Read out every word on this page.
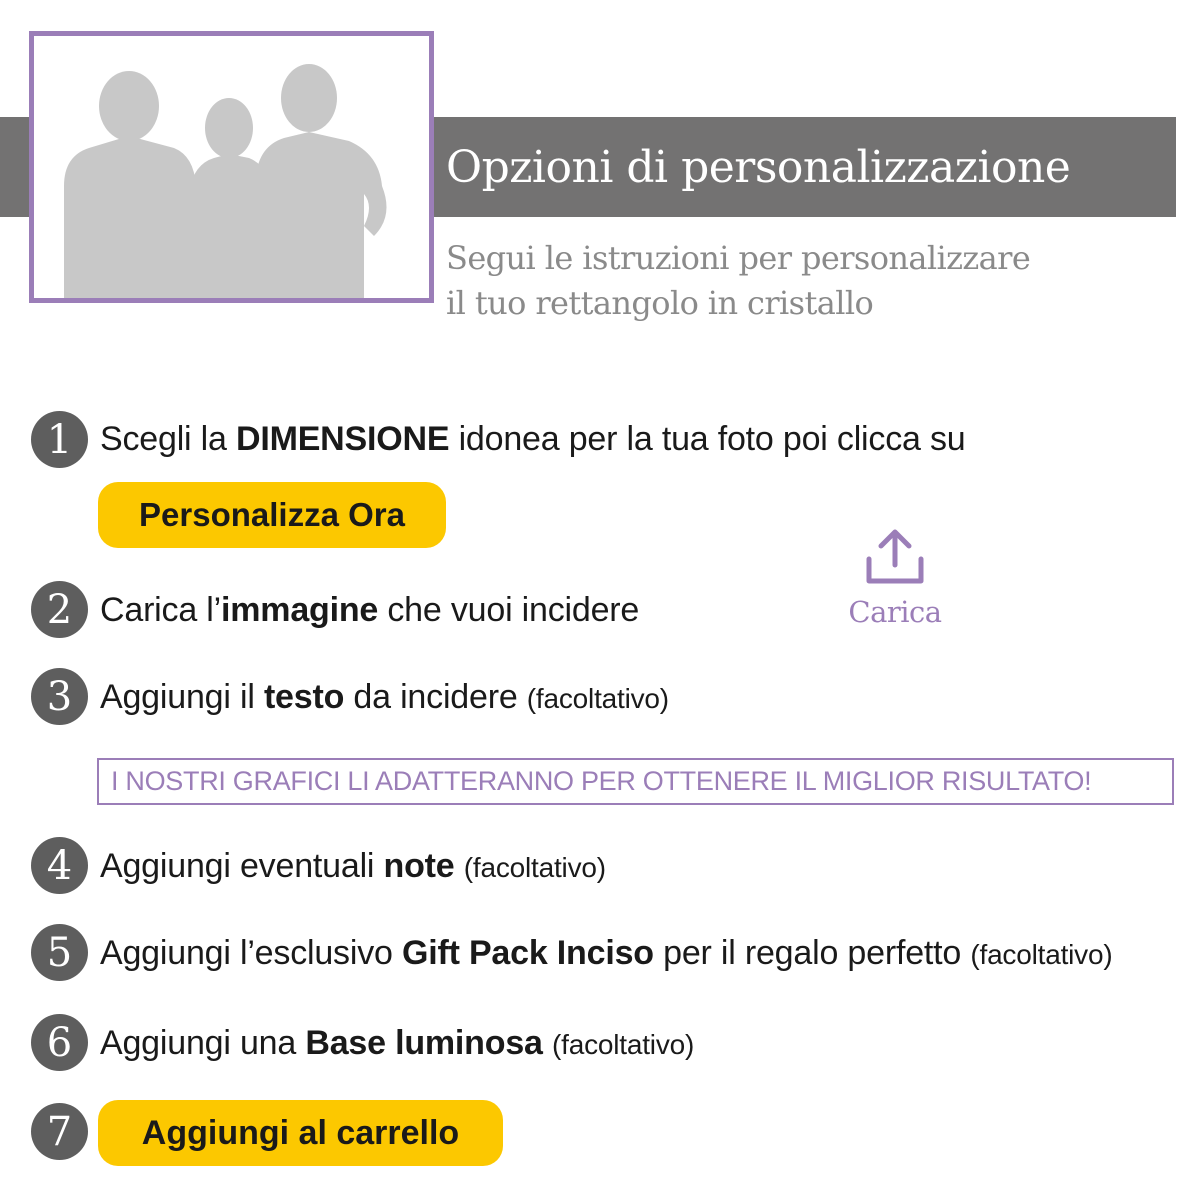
Opzioni di personalizzazione
Segui le istruzioni per personalizzare
il tuo rettangolo in cristallo
1 Scegli la DIMENSIONE idonea per la tua foto poi clicca su
Personalizza Ora
Carica
2 Carica l’immagine che vuoi incidere
3 Aggiungi il testo da incidere (facoltativo)
I NOSTRI GRAFICI LI ADATTERANNO PER OTTENERE IL MIGLIOR RISULTATO!
4 Aggiungi eventuali note (facoltativo)
5 Aggiungi l’esclusivo Gift Pack Inciso per il regalo perfetto (facoltativo)
6 Aggiungi una Base luminosa (facoltativo)
7	Aggiungi al carrello
